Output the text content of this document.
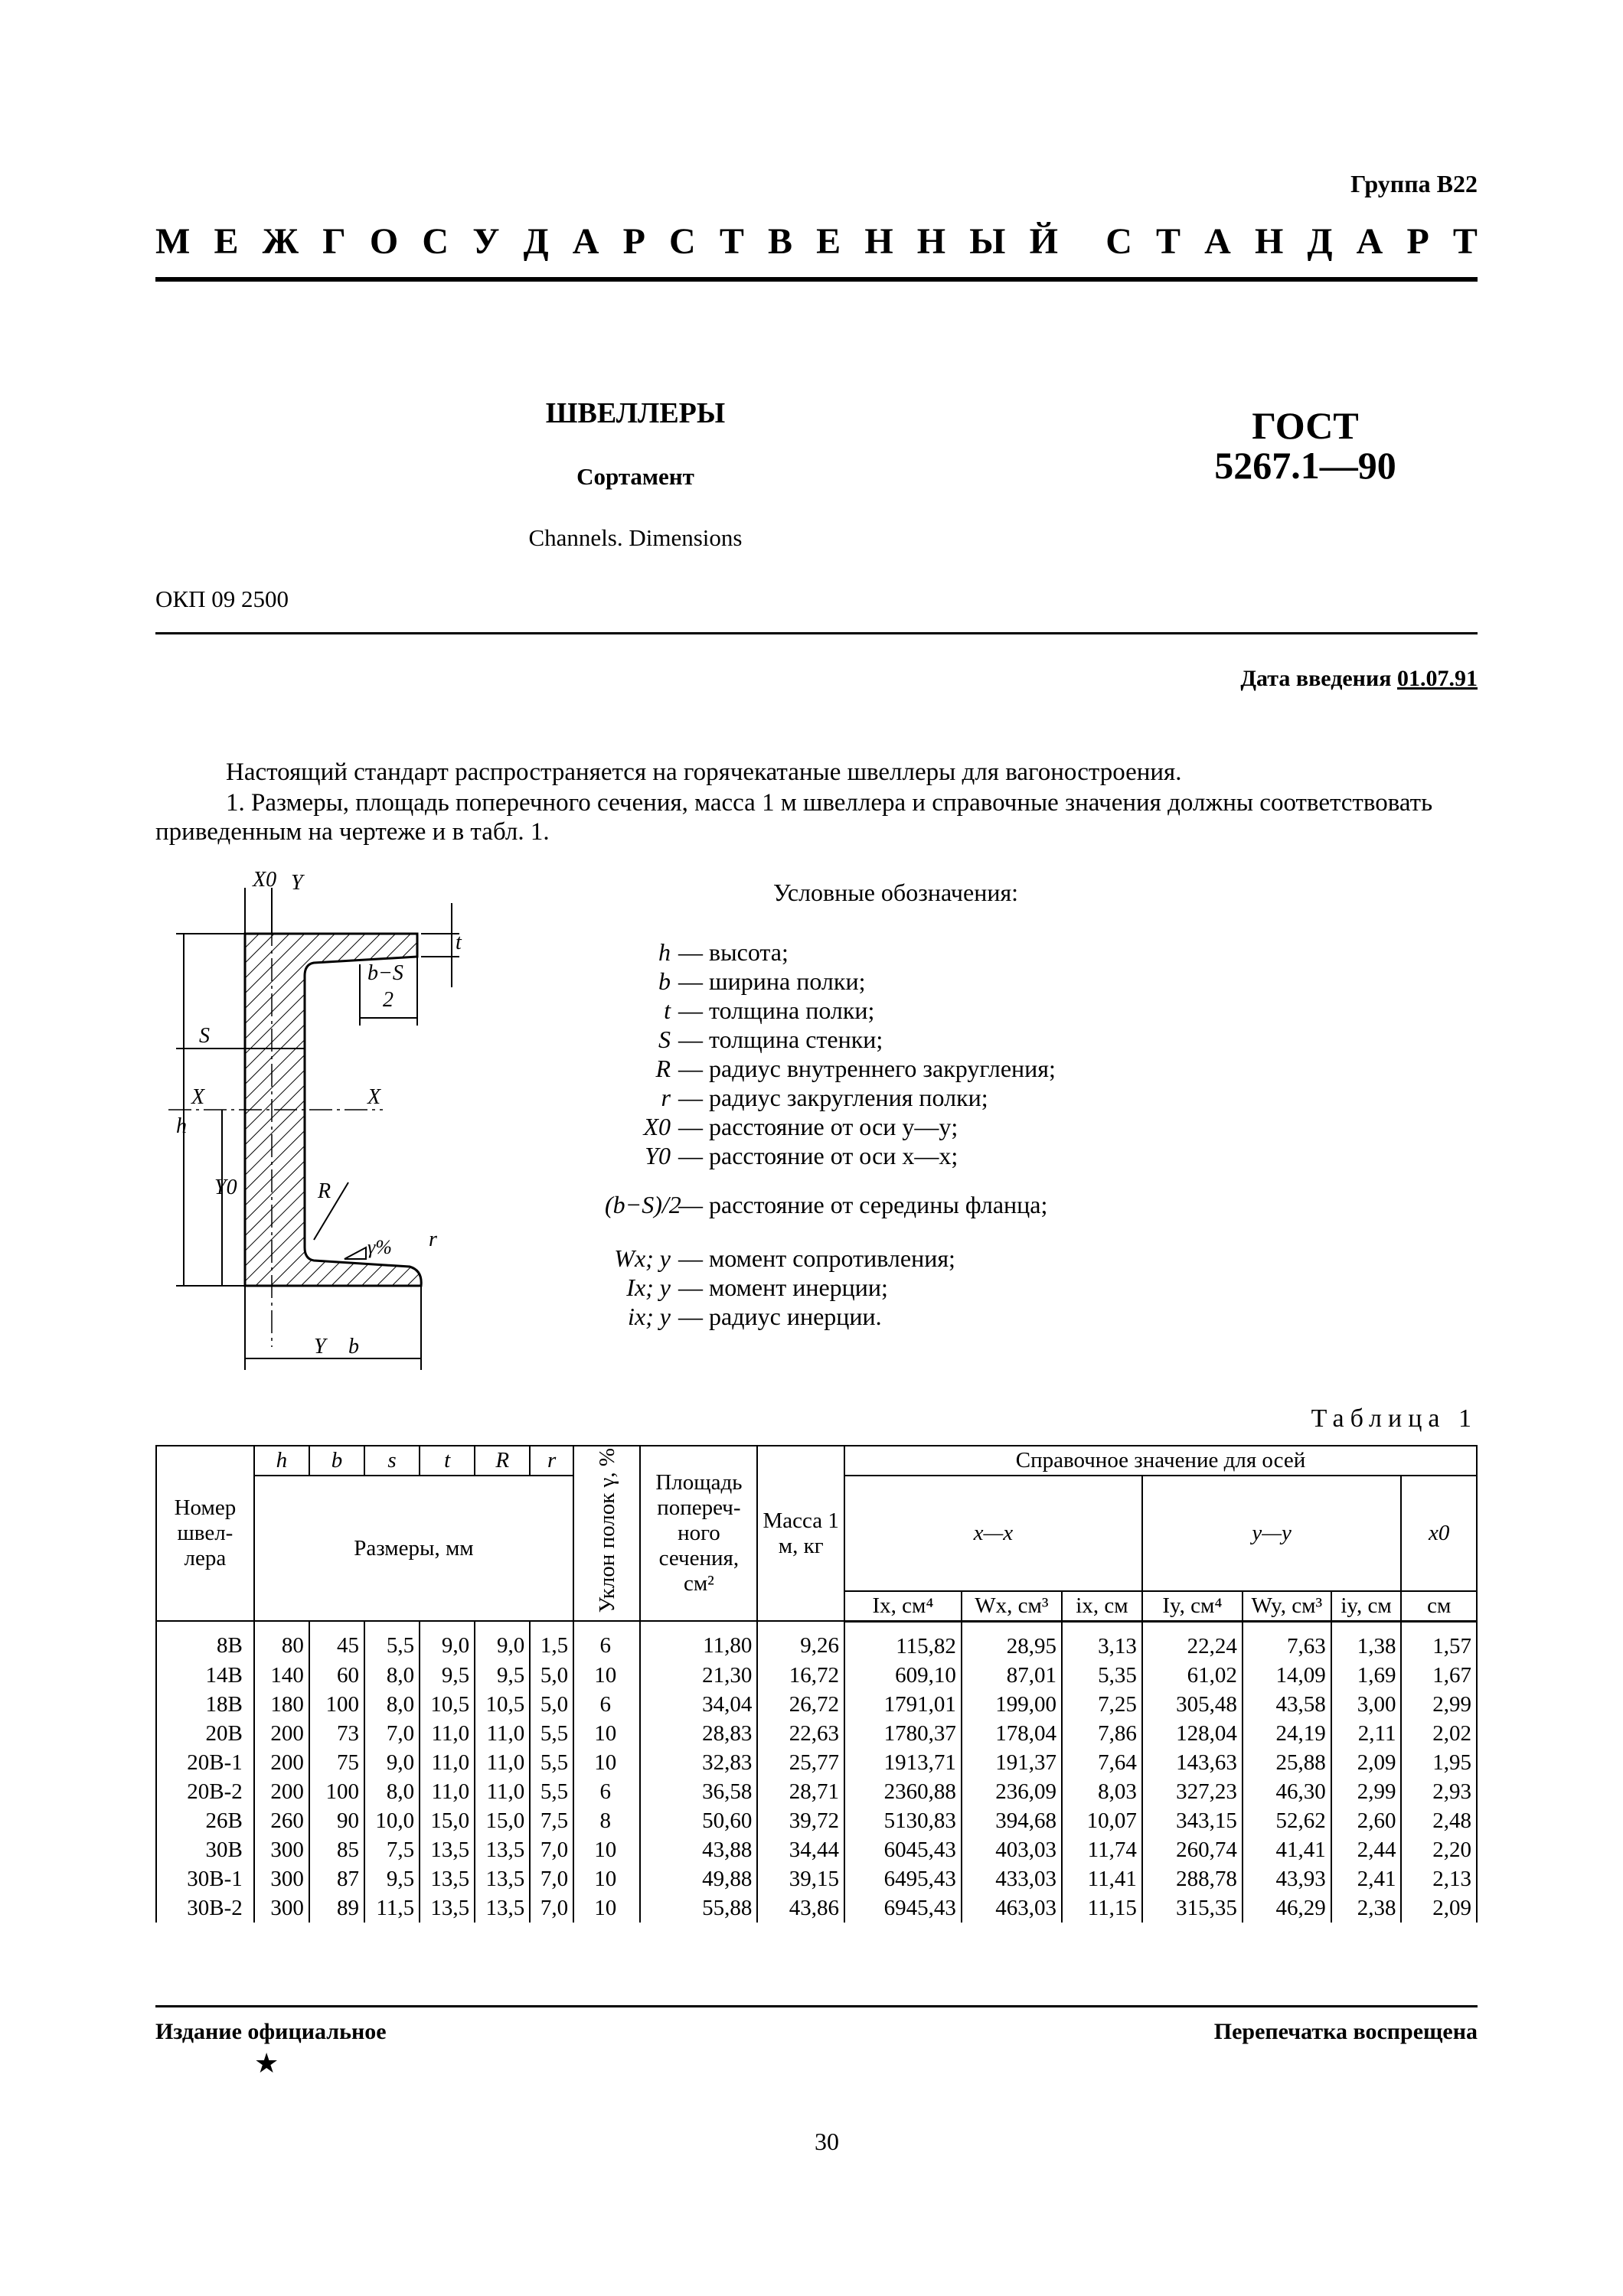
Группа В22
М Е Ж Г О С У Д А Р С Т В Е Н Н Ы Й С Т А Н Д А Р Т
ШВЕЛЛЕРЫ
Сортамент
Channels. Dimensions
ГОСТ
5267.1—90
ОКП 09 2500
Дата введения 01.07.91
Настоящий стандарт распространяется на горячекатаные швеллеры для вагоностроения.
1. Размеры, площадь поперечного сечения, масса 1 м швеллера и справочные значения должны соответствовать приведенным на чертеже и в табл. 1.
X0 Y
b−S
2
t
S
X	X
h
Y0	R
γ% r
Y b
Условные обозначения:
h — высота;
b — ширина полки;
t — толщина полки;
S — толщина стенки;
R — радиус внутреннего закругления;
r — радиус закругления полки;
X0 — расстояние от оси y—y;
Y0 — расстояние от оси x—x;
(b−S)/2
— расстояние от середины фланца;
Wx; y — момент сопротивления;
Ix; y — момент инерции;
ix; y — радиус инерции.
Таблица 1
Номер швел- лера	h	b	s	t	R	r	Уклон полок γ, %	Площадь попереч- ного сечения, см²	Масса 1 м, кг	Справочное значение для осей						
	Размеры, мм									x—x			y—y			x0
										Ix, см⁴	Wx, см³	ix, см	Iy, см⁴	Wy, см³	iy, см	см
8В	80	45	5,5	9,0	9,0	1,5	6	11,80	9,26	115,82	28,95	3,13	22,24	7,63	1,38	1,57
14В	140	60	8,0	9,5	9,5	5,0	10	21,30	16,72	609,10	87,01	5,35	61,02	14,09	1,69	1,67
18В	180	100	8,0	10,5	10,5	5,0	6	34,04	26,72	1791,01	199,00	7,25	305,48	43,58	3,00	2,99
20В	200	73	7,0	11,0	11,0	5,5	10	28,83	22,63	1780,37	178,04	7,86	128,04	24,19	2,11	2,02
20В-1	200	75	9,0	11,0	11,0	5,5	10	32,83	25,77	1913,71	191,37	7,64	143,63	25,88	2,09	1,95
20В-2	200	100	8,0	11,0	11,0	5,5	6	36,58	28,71	2360,88	236,09	8,03	327,23	46,30	2,99	2,93
26В	260	90	10,0	15,0	15,0	7,5	8	50,60	39,72	5130,83	394,68	10,07	343,15	52,62	2,60	2,48
30В	300	85	7,5	13,5	13,5	7,0	10	43,88	34,44	6045,43	403,03	11,74	260,74	41,41	2,44	2,20
30В-1	300	87	9,5	13,5	13,5	7,0	10	49,88	39,15	6495,43	433,03	11,41	288,78	43,93	2,41	2,13
30В-2	300	89	11,5	13,5	13,5	7,0	10	55,88	43,86	6945,43	463,03	11,15	315,35	46,29	2,38	2,09
Издание официальное	Перепечатка воспрещена
★
30
